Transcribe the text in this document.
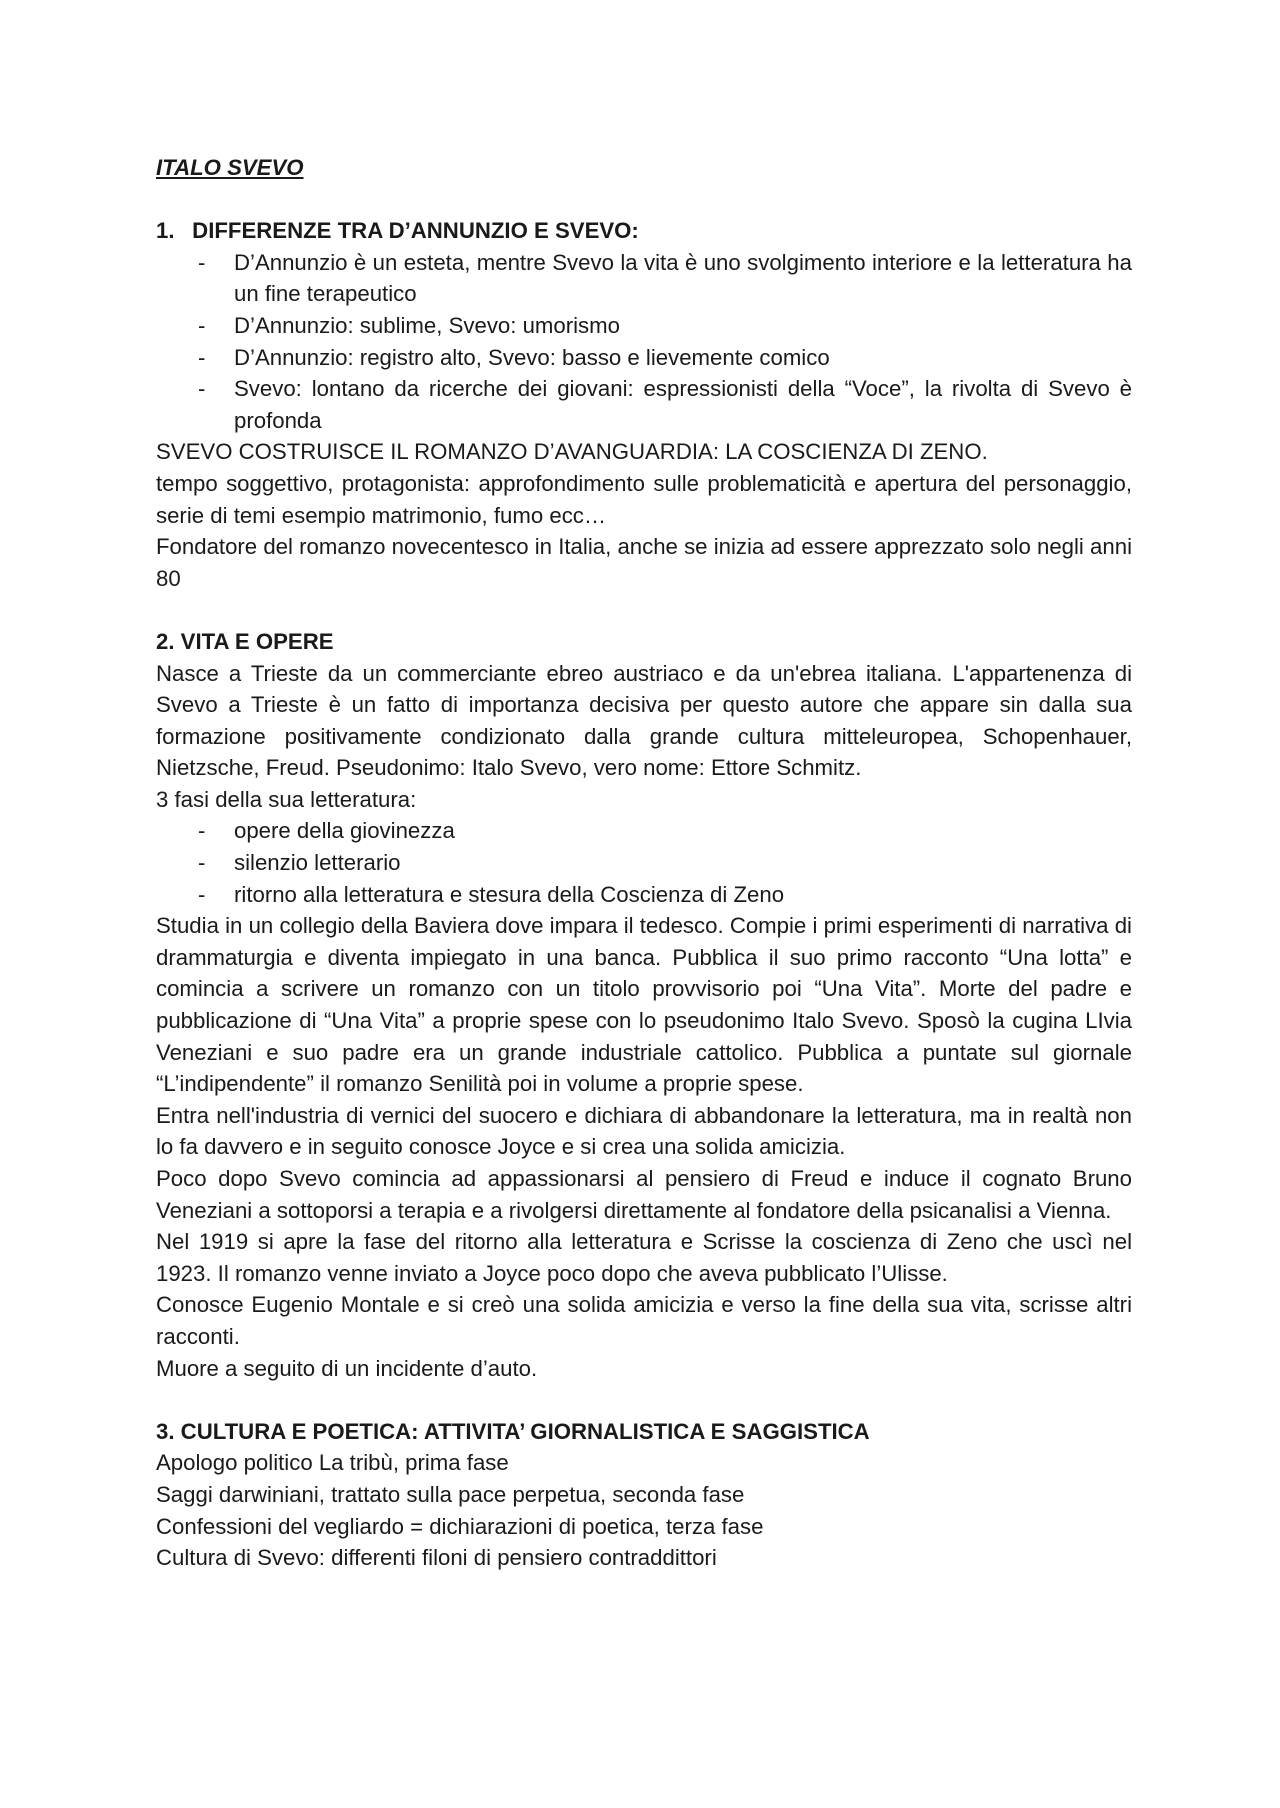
ITALO SVEVO

1. DIFFERENZE TRA D’ANNUNZIO E SVEVO:

- D’Annunzio è un esteta, mentre Svevo la vita è uno svolgimento interiore e la letteratura ha un fine terapeutico
- D’Annunzio: sublime, Svevo: umorismo
- D’Annunzio: registro alto, Svevo: basso e lievemente comico
- Svevo: lontano da ricerche dei giovani: espressionisti della “Voce”, la rivolta di Svevo è profonda

SVEVO COSTRUISCE IL ROMANZO D’AVANGUARDIA: LA COSCIENZA DI ZENO.

tempo soggettivo, protagonista: approfondimento sulle problematicità e apertura del personaggio, serie di temi esempio matrimonio, fumo ecc…

Fondatore del romanzo novecentesco in Italia, anche se inizia ad essere apprezzato solo negli anni 80

2. VITA E OPERE

Nasce a Trieste da un commerciante ebreo austriaco e da un'ebrea italiana. L'appartenenza di Svevo a Trieste è un fatto di importanza decisiva per questo autore che appare sin dalla sua formazione positivamente condizionato dalla grande cultura mitteleuropea, Schopenhauer, Nietzsche, Freud. Pseudonimo: Italo Svevo, vero nome: Ettore Schmitz.

3 fasi della sua letteratura:

- opere della giovinezza
- silenzio letterario
- ritorno alla letteratura e stesura della Coscienza di Zeno

Studia in un collegio della Baviera dove impara il tedesco. Compie i primi esperimenti di narrativa di drammaturgia e diventa impiegato in una banca. Pubblica il suo primo racconto “Una lotta” e comincia a scrivere un romanzo con un titolo provvisorio poi “Una Vita”. Morte del padre e pubblicazione di “Una Vita” a proprie spese con lo pseudonimo Italo Svevo. Sposò la cugina LIvia Veneziani e suo padre era un grande industriale cattolico. Pubblica a puntate sul giornale “L’indipendente” il romanzo Senilità poi in volume a proprie spese.

Entra nell'industria di vernici del suocero e dichiara di abbandonare la letteratura, ma in realtà non lo fa davvero e in seguito conosce Joyce e si crea una solida amicizia.

Poco dopo Svevo comincia ad appassionarsi al pensiero di Freud e induce il cognato Bruno Veneziani a sottoporsi a terapia e a rivolgersi direttamente al fondatore della psicanalisi a Vienna.

Nel 1919 si apre la fase del ritorno alla letteratura e Scrisse la coscienza di Zeno che uscì nel 1923. Il romanzo venne inviato a Joyce poco dopo che aveva pubblicato l’Ulisse.

Conosce Eugenio Montale e si creò una solida amicizia e verso la fine della sua vita, scrisse altri racconti.

Muore a seguito di un incidente d’auto.

3. CULTURA E POETICA: ATTIVITA’ GIORNALISTICA E SAGGISTICA

Apologo politico La tribù, prima fase

Saggi darwiniani, trattato sulla pace perpetua, seconda fase

Confessioni del vegliardo = dichiarazioni di poetica, terza fase

Cultura di Svevo: differenti filoni di pensiero contraddittori
